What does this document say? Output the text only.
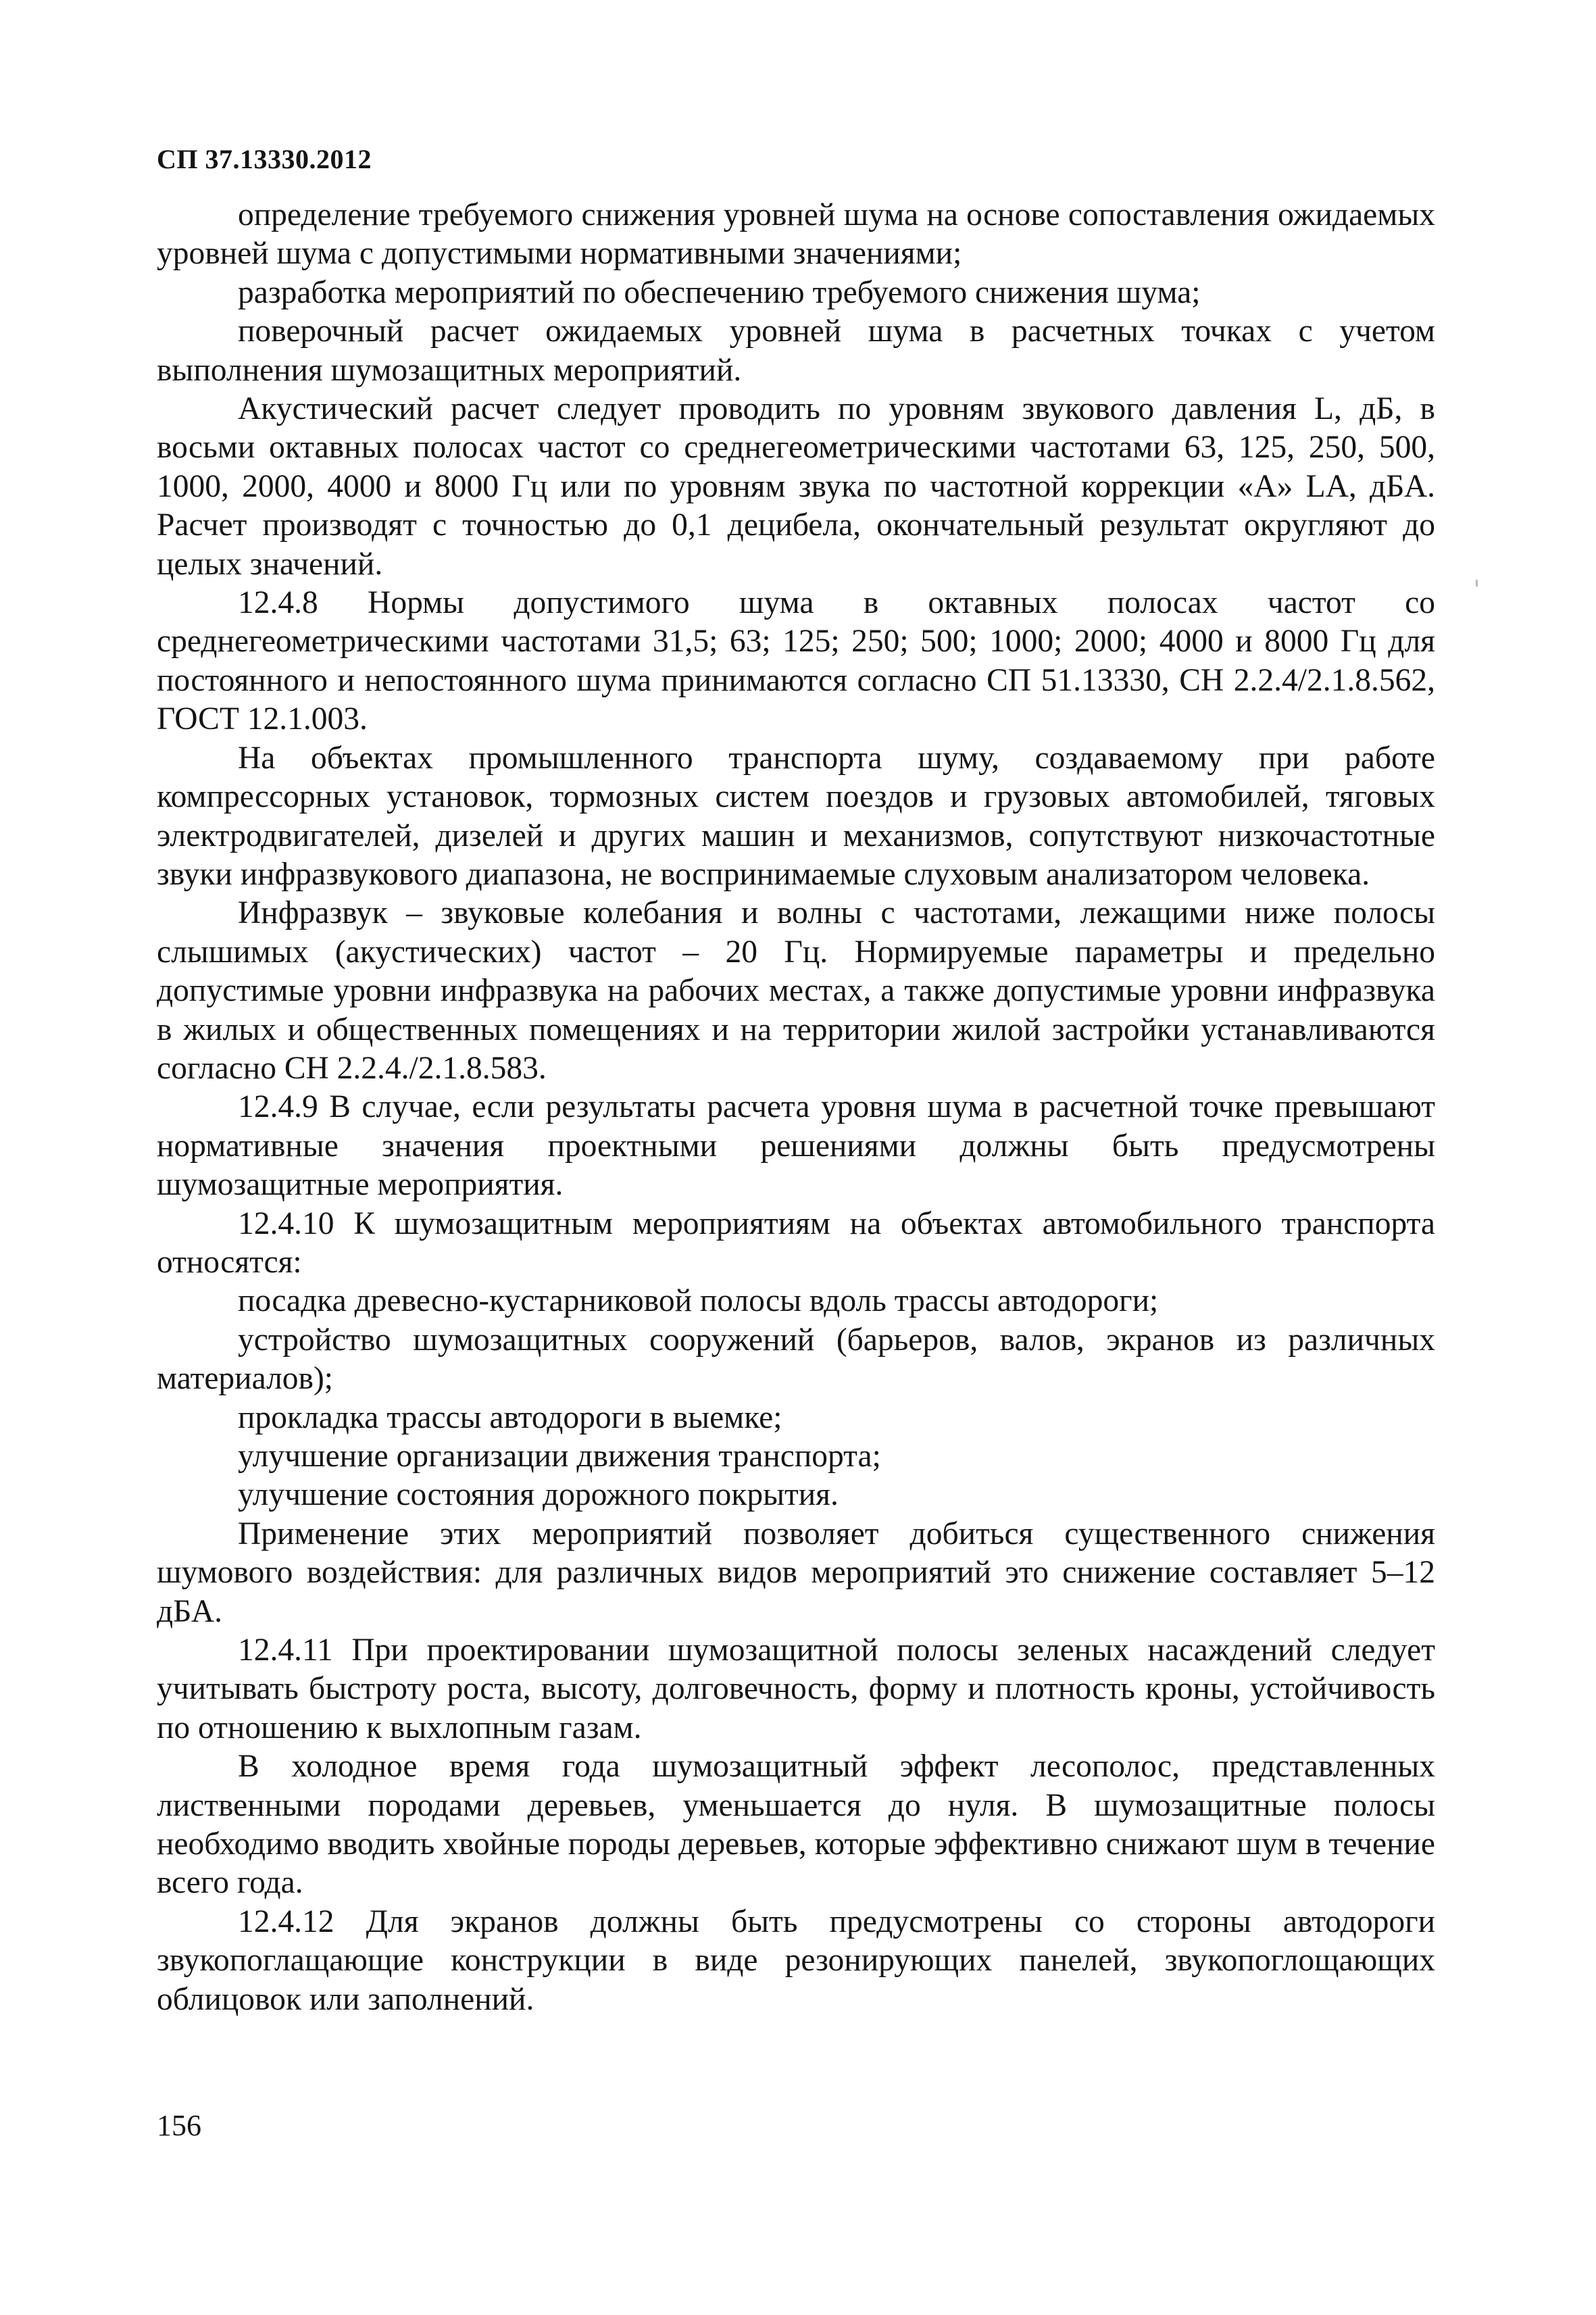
СП 37.13330.2012

определение требуемого снижения уровней шума на основе сопоставления ожидаемых уровней шума с допустимыми нормативными значениями;

разработка мероприятий по обеспечению требуемого снижения шума;

поверочный расчет ожидаемых уровней шума в расчетных точках с учетом выполнения шумозащитных мероприятий.

Акустический расчет следует проводить по уровням звукового давления L, дБ, в восьми октавных полосах частот со среднегеометрическими частотами 63, 125, 250, 500, 1000, 2000, 4000 и 8000 Гц или по уровням звука по частотной коррекции «А» LA, дБА. Расчет производят с точностью до 0,1 децибела, окончательный результат округляют до целых значений.

12.4.8 Нормы допустимого шума в октавных полосах частот со среднегеометрическими частотами 31,5; 63; 125; 250; 500; 1000; 2000; 4000 и 8000 Гц для постоянного и непостоянного шума принимаются согласно СП 51.13330, СН 2.2.4/2.1.8.562, ГОСТ 12.1.003.

На объектах промышленного транспорта шуму, создаваемому при работе компрессорных установок, тормозных систем поездов и грузовых автомобилей, тяговых электродвигателей, дизелей и других машин и механизмов, сопутствуют низкочастотные звуки инфразвукового диапазона, не воспринимаемые слуховым анализатором человека.

Инфразвук – звуковые колебания и волны с частотами, лежащими ниже полосы слышимых (акустических) частот – 20 Гц. Нормируемые параметры и предельно допустимые уровни инфразвука на рабочих местах, а также допустимые уровни инфразвука в жилых и общественных помещениях и на территории жилой застройки устанавливаются согласно СН 2.2.4./2.1.8.583.

12.4.9 В случае, если результаты расчета уровня шума в расчетной точке превышают нормативные значения проектными решениями должны быть предусмотрены шумозащитные мероприятия.

12.4.10 К шумозащитным мероприятиям на объектах автомобильного транспорта относятся:

посадка древесно-кустарниковой полосы вдоль трассы автодороги;

устройство шумозащитных сооружений (барьеров, валов, экранов из различных материалов);

прокладка трассы автодороги в выемке;

улучшение организации движения транспорта;

улучшение состояния дорожного покрытия.

Применение этих мероприятий позволяет добиться существенного снижения шумового воздействия: для различных видов мероприятий это снижение составляет 5–12 дБА.

12.4.11 При проектировании шумозащитной полосы зеленых насаждений следует учитывать быстроту роста, высоту, долговечность, форму и плотность кроны, устойчивость по отношению к выхлопным газам.

В холодное время года шумозащитный эффект лесополос, представленных лиственными породами деревьев, уменьшается до нуля. В шумозащитные полосы необходимо вводить хвойные породы деревьев, которые эффективно снижают шум в течение всего года.

12.4.12 Для экранов должны быть предусмотрены со стороны автодороги звукопоглащающие конструкции в виде резонирующих панелей, звукопоглощающих облицовок или заполнений.

156
